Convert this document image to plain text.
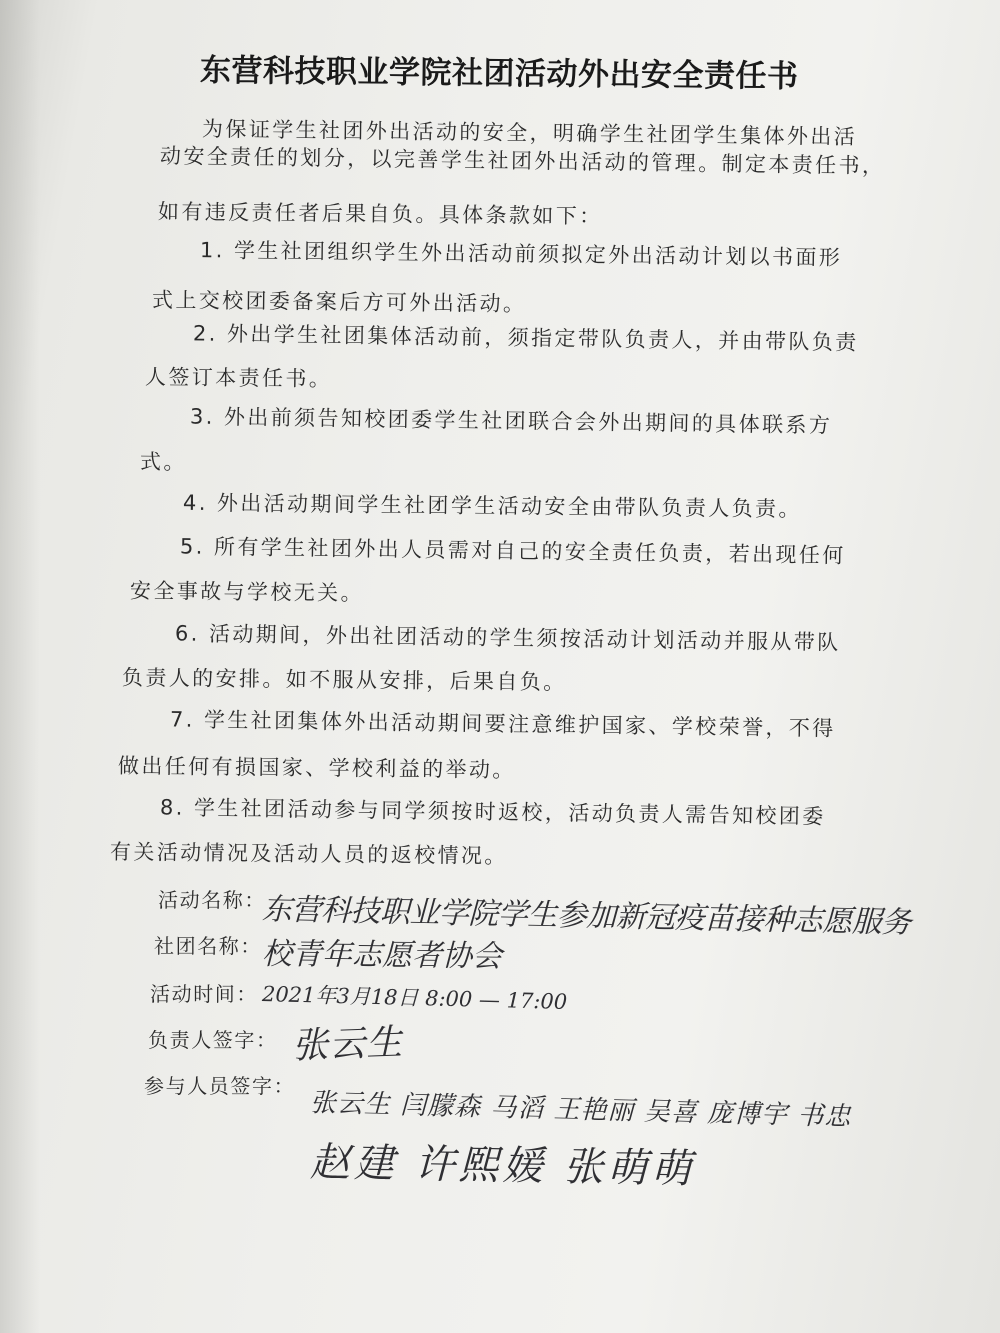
东营科技职业学院社团活动外出安全责任书
为保证学生社团外出活动的安全，明确学生社团学生集体外出活
动安全责任的划分，以完善学生社团外出活动的管理。制定本责任书，
如有违反责任者后果自负。具体条款如下：
1. 学生社团组织学生外出活动前须拟定外出活动计划以书面形
式上交校团委备案后方可外出活动。
2. 外出学生社团集体活动前，须指定带队负责人，并由带队负责
人签订本责任书。
3. 外出前须告知校团委学生社团联合会外出期间的具体联系方
式。
4. 外出活动期间学生社团学生活动安全由带队负责人负责。
5. 所有学生社团外出人员需对自己的安全责任负责，若出现任何
安全事故与学校无关。
6. 活动期间，外出社团活动的学生须按活动计划活动并服从带队
负责人的安排。如不服从安排，后果自负。
7. 学生社团集体外出活动期间要注意维护国家、学校荣誉，不得
做出任何有损国家、学校利益的举动。
8. 学生社团活动参与同学须按时返校，活动负责人需告知校团委
有关活动情况及活动人员的返校情况。
活动名称：
东营科技职业学院学生参加新冠疫苗接种志愿服务
社团名称： 校青年志愿者协会
活动时间： 2021年3月18日 8:00 — 17:00
负责人签字： 张云生
参与人员签字：
张云生 闫朦森 马滔 王艳丽 吴喜 庞博宇 书忠
赵建 许熙媛 张萌萌
